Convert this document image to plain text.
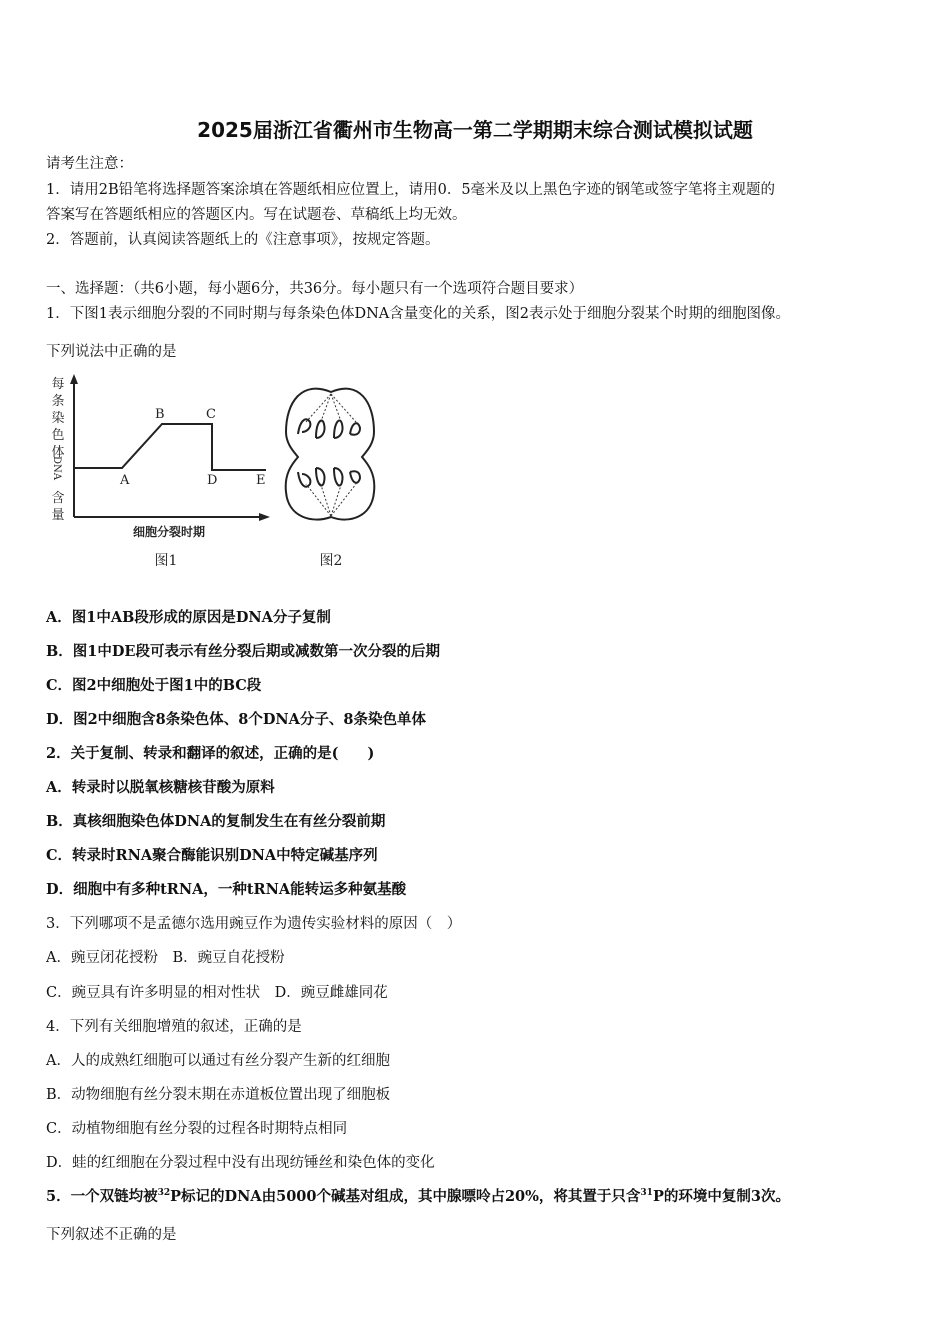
2025届浙江省衢州市生物高一第二学期期末综合测试模拟试题
请考生注意：
1．请用2B铅笔将选择题答案涂填在答题纸相应位置上，请用0．5毫米及以上黑色字迹的钢笔或签字笔将主观题的
答案写在答题纸相应的答题区内。写在试题卷、草稿纸上均无效。
2．答题前，认真阅读答题纸上的《注意事项》，按规定答题。
一、选择题：（共6小题，每小题6分，共36分。每小题只有一个选项符合题目要求）
1．下图1表示细胞分裂的不同时期与每条染色体DNA含量变化的关系，图2表示处于细胞分裂某个时期的细胞图像。
下列说法中正确的是
每
条
染
色
体
DNA
含
量
A
B	C
D	E
细胞分裂时期
图1	图2
A．图1中AB段形成的原因是DNA分子复制
B．图1中DE段可表示有丝分裂后期或减数第一次分裂的后期
C．图2中细胞处于图1中的BC段
D．图2中细胞含8条染色体、8个DNA分子、8条染色单体
2．关于复制、转录和翻译的叙述，正确的是(　　)
A．转录时以脱氧核糖核苷酸为原料
B．真核细胞染色体DNA的复制发生在有丝分裂前期
C．转录时RNA聚合酶能识别DNA中特定碱基序列
D．细胞中有多种tRNA，一种tRNA能转运多种氨基酸
3．下列哪项不是孟德尔选用豌豆作为遗传实验材料的原因（　）
A．豌豆闭花授粉　B．豌豆自花授粉
C．豌豆具有许多明显的相对性状　D．豌豆雌雄同花
4．下列有关细胞增殖的叙述，正确的是
A．人的成熟红细胞可以通过有丝分裂产生新的红细胞
B．动物细胞有丝分裂末期在赤道板位置出现了细胞板
C．动植物细胞有丝分裂的过程各时期特点相同
D．蛙的红细胞在分裂过程中没有出现纺锤丝和染色体的变化
5．一个双链均被$^{32}$P标记的DNA由5000个碱基对组成，其中腺嘌呤占20%，将其置于只含$^{31}$P的环境中复制3次。
下列叙述不正确的是
